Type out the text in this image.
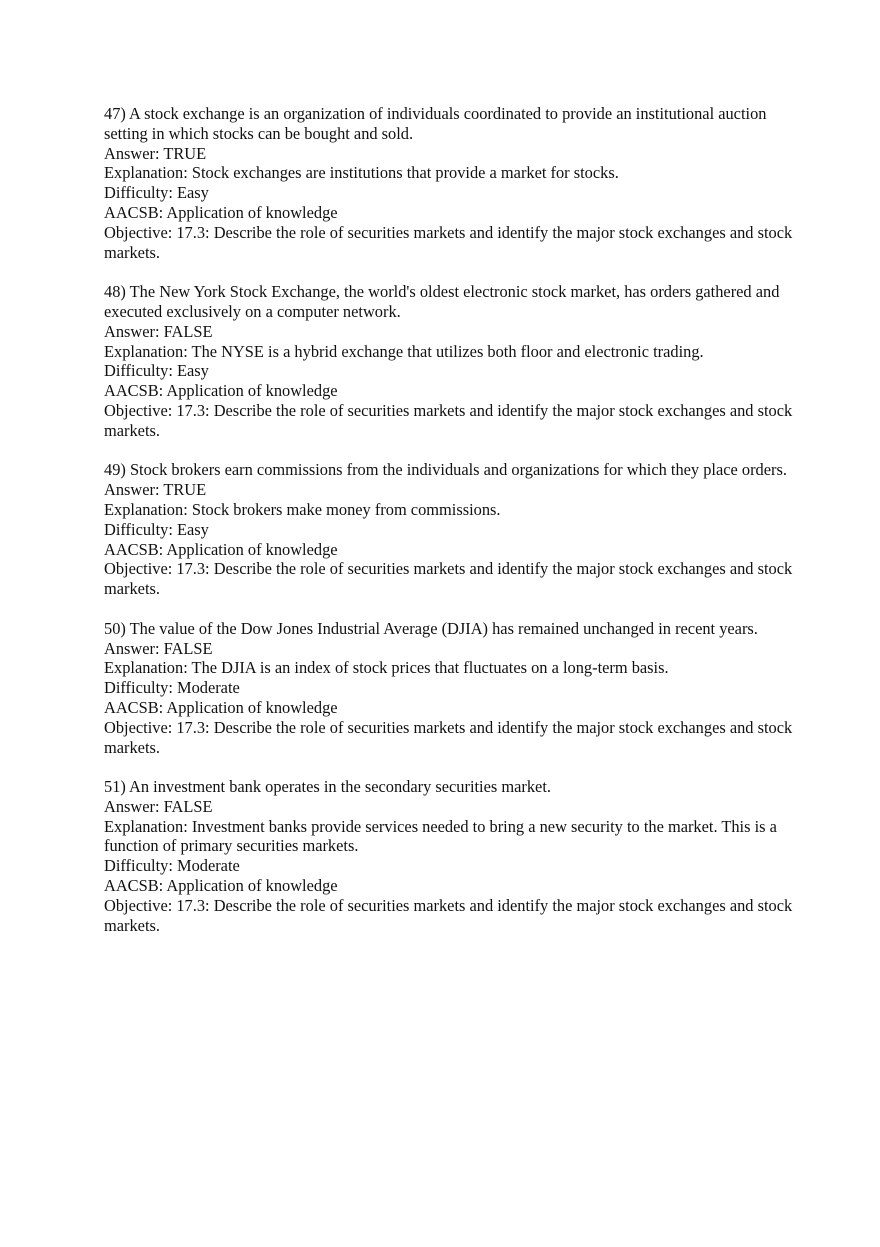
47) A stock exchange is an organization of individuals coordinated to provide an institutional auction setting in which stocks can be bought and sold.
Answer: TRUE
Explanation: Stock exchanges are institutions that provide a market for stocks.
Difficulty: Easy
AACSB: Application of knowledge
Objective: 17.3: Describe the role of securities markets and identify the major stock exchanges and stock markets.
48) The New York Stock Exchange, the world's oldest electronic stock market, has orders gathered and executed exclusively on a computer network.
Answer: FALSE
Explanation: The NYSE is a hybrid exchange that utilizes both floor and electronic trading.
Difficulty: Easy
AACSB: Application of knowledge
Objective: 17.3: Describe the role of securities markets and identify the major stock exchanges and stock markets.
49) Stock brokers earn commissions from the individuals and organizations for which they place orders.
Answer: TRUE
Explanation: Stock brokers make money from commissions.
Difficulty: Easy
AACSB: Application of knowledge
Objective: 17.3: Describe the role of securities markets and identify the major stock exchanges and stock markets.
50) The value of the Dow Jones Industrial Average (DJIA) has remained unchanged in recent years.
Answer: FALSE
Explanation: The DJIA is an index of stock prices that fluctuates on a long-term basis.
Difficulty: Moderate
AACSB: Application of knowledge
Objective: 17.3: Describe the role of securities markets and identify the major stock exchanges and stock markets.
51) An investment bank operates in the secondary securities market.
Answer: FALSE
Explanation: Investment banks provide services needed to bring a new security to the market. This is a function of primary securities markets.
Difficulty: Moderate
AACSB: Application of knowledge
Objective: 17.3: Describe the role of securities markets and identify the major stock exchanges and stock markets.
